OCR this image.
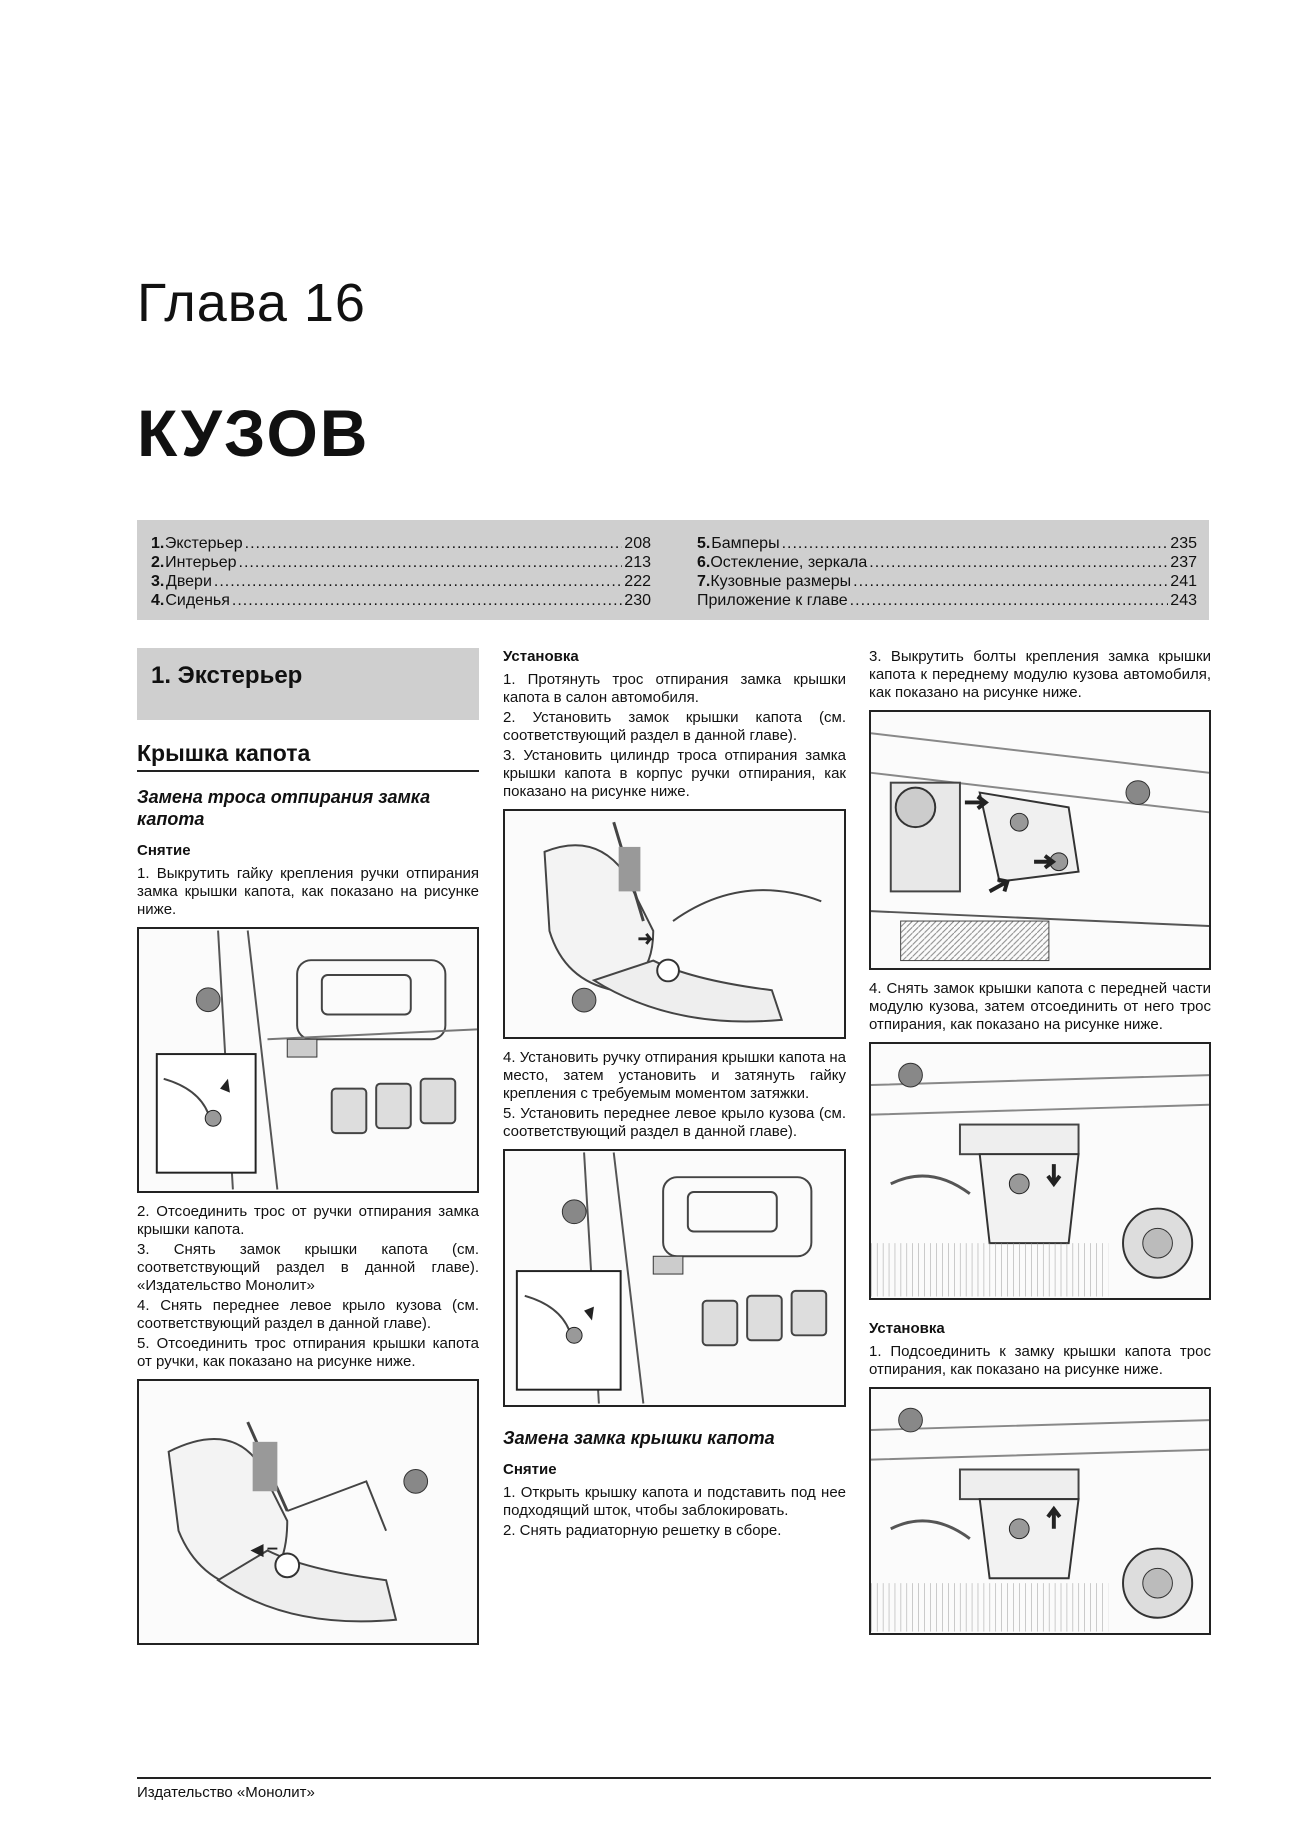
Глава 16
КУЗОВ
1. Экстерьер .....	208
2. Интерьер .....	213
3. Двери .....	222
4. Сиденья .....	230
5. Бамперы .....	235
6. Остекление, зеркала .....	237
7. Кузовные размеры .....	241
Приложение к главе .....	243
1. Экстерьер
Крышка капота
Замена троса отпирания замка капота
Снятие
1. Выкрутить гайку крепления ручки отпирания замка крышки капота, как показано на рисунке ниже.
2. Отсоединить трос от ручки отпирания замка крышки капота.
3. Снять замок крышки капота (см. соответствующий раздел в данной главе). «Издательство Монолит»
4. Снять переднее левое крыло кузова (см. соответствующий раздел в данной главе).
5. Отсоединить трос отпирания крышки капота от ручки, как показано на рисунке ниже.
Установка
1. Протянуть трос отпирания замка крышки капота в салон автомобиля.
2. Установить замок крышки капота (см. соответствующий раздел в данной главе).
3. Установить цилиндр троса отпирания замка крышки капота в корпус ручки отпирания, как показано на рисунке ниже.
4. Установить ручку отпирания крышки капота на место, затем установить и затянуть гайку крепления с требуемым моментом затяжки.
5. Установить переднее левое крыло кузова (см. соответствующий раздел в данной главе).
Замена замка крышки капота
Снятие
1. Открыть крышку капота и подставить под нее подходящий шток, чтобы заблокировать.
2. Снять радиаторную решетку в сборе.
3. Выкрутить болты крепления замка крышки капота к переднему модулю кузова автомобиля, как показано на рисунке ниже.
4. Снять замок крышки капота с передней части модулю кузова, затем отсоединить от него трос отпирания, как показано на рисунке ниже.
Установка
1. Подсоединить к замку крышки капота трос отпирания, как показано на рисунке ниже.
Издательство «Монолит»
